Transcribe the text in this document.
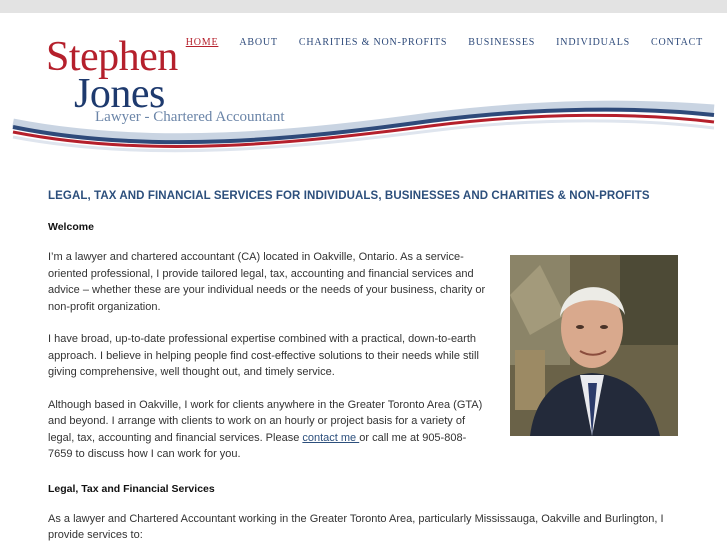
Stephen
Jones
Lawyer - Chartered Accountant
HOME ABOUT CHARITIES & NON-PROFITS BUSINESSES INDIVIDUALS CONTACT
LEGAL, TAX AND FINANCIAL SERVICES FOR INDIVIDUALS, BUSINESSES AND CHARITIES & NON-PROFITS
Welcome

I’m a lawyer and chartered accountant (CA) located in Oakville, Ontario. As a service-oriented professional, I provide tailored legal, tax, accounting and financial services and advice – whether these are your individual needs or the needs of your business, charity or non-profit organization.

I have broad, up-to-date professional expertise combined with a practical, down-to-earth approach. I believe in helping people find cost-effective solutions to their needs while still giving comprehensive, well thought out, and timely service.

Although based in Oakville, I work for clients anywhere in the Greater Toronto Area (GTA) and beyond. I arrange with clients to work on an hourly or project basis for a variety of legal, tax, accounting and financial services. Please contact me or call me at 905-808-7659 to discuss how I can work for you.

Legal, Tax and Financial Services

As a lawyer and Chartered Accountant working in the Greater Toronto Area, particularly Mississauga, Oakville and Burlington, I provide services to:
